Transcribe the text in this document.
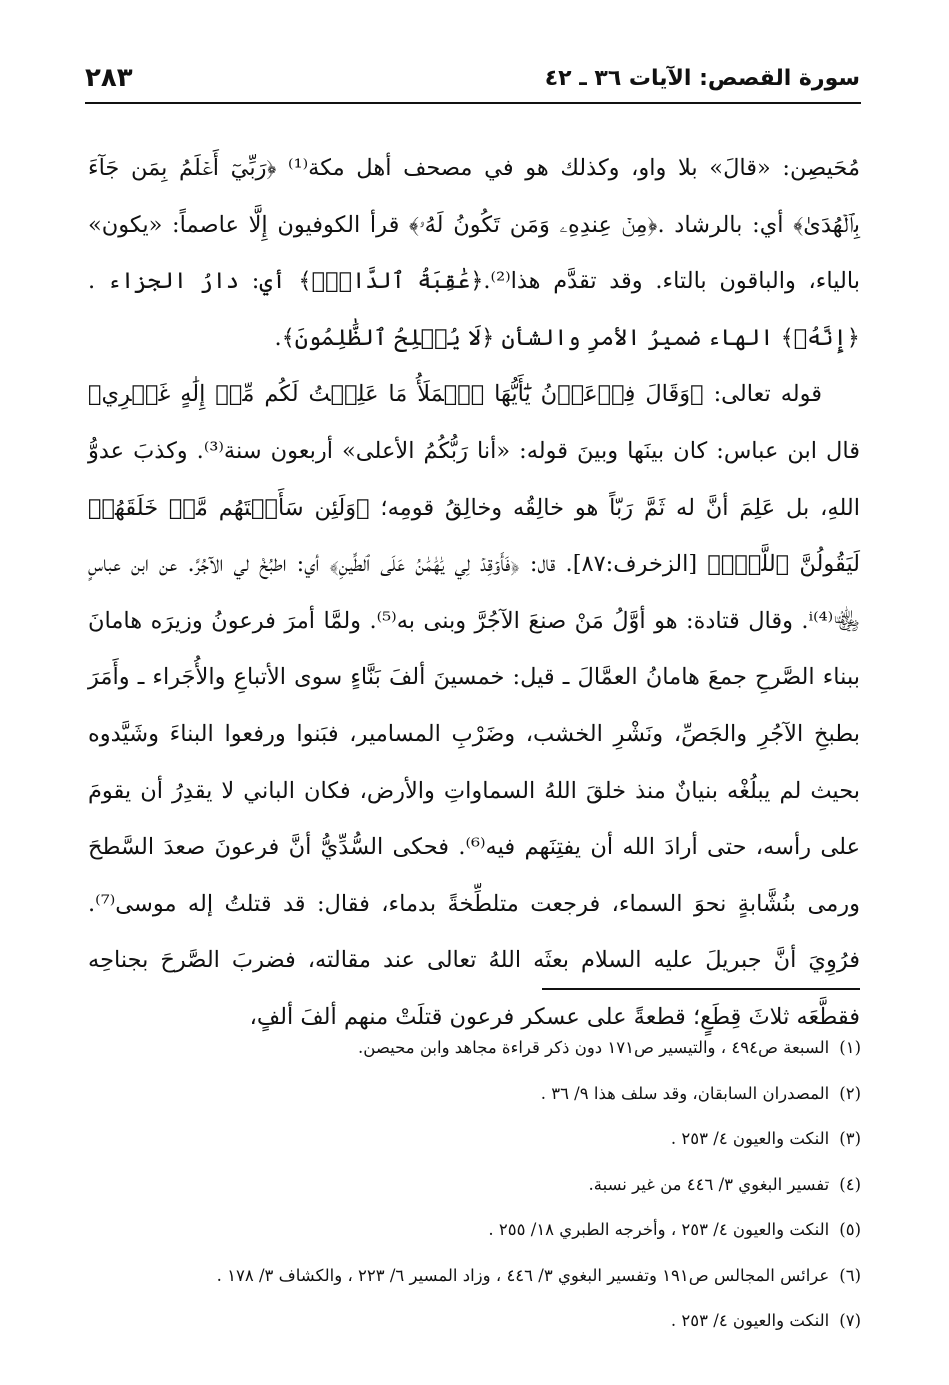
سورة القصص: الآيات ٣٦ ـ ٤٢
٢٨٣

مُحَيصِن: «قالَ» بلا واو، وكذلك هو في مصحف أهل مكة⁽¹⁾ ﴿رَبِّيٓ أَعۡلَمُ بِمَن جَآءَ بِٱلۡهُدَىٰ﴾ أي: بالرشاد .﴿مِنۡ عِندِهِۦ وَمَن تَكُونُ لَهُۥ﴾ قرأ الكوفيون إِلَّا عاصماً: «يكون» بالياء، والباقون بالتاء. وقد تقدَّم هذا⁽²⁾.﴿عَٰقِبَةُ ٱلدَّارِۚ﴾ أي: دارُ الجزاء .﴿إِنَّهُۥ﴾ الهاء ضميرُ الأمرِ والشأن ﴿لَا يُفۡلِحُ ٱلظَّٰلِمُونَ﴾.

قوله تعالى: ﴿وَقَالَ فِرۡعَوۡنُ يَٰٓأَيُّهَا ٱلۡمَلَأُ مَا عَلِمۡتُ لَكُم مِّنۡ إِلَٰهٍ غَيۡرِي﴾ قال ابن عباس: كان بينَها وبينَ قوله: «أنا رَبُّكُمُ الأعلى» أربعون سنة⁽³⁾. وكذبَ عدوُّ اللهِ، بل عَلِمَ أنَّ له ثَمَّ رَبّاً هو خالِقُه وخالِقُ قومِه؛ ﴿وَلَئِن سَأَلۡتَهُم مَّنۡ خَلَقَهُمۡ لَيَقُولُنَّ ٱللَّهُۖ﴾ [الزخرف:٨٧]. قال: ﴿فَأَوۡقِدۡ لِي يَٰهَٰمَٰنُ عَلَى ٱلطِّينِ﴾ أي: اطبُخْ لي الآجُرَّ. عن ابن عباسٍ ﵄ⁱ⁽⁴⁾. وقال قتادة: هو أوَّلُ مَنْ صنعَ الآجُرَّ وبنى به⁽⁵⁾. ولمَّا أمرَ فرعونُ وزيرَه هامانَ ببناء الصَّرحِ جمعَ هامانُ العمَّالَ ـ قيل: خمسينَ ألفَ بَنَّاءٍ سوى الأتباعِ والأُجَراء ـ وأَمَرَ بطبخِ الآجُرِ والجَصِّ، ونَشْرِ الخشب، وضَرْبِ المسامير، فبَنوا ورفعوا البناءَ وشَيَّدوه بحيث لم يبلُغْه بنيانٌ منذ خلقَ اللهُ السماواتِ والأرض، فكان الباني لا يقدِرُ أن يقومَ على رأسه، حتى أرادَ الله أن يفتِنَهم فيه⁽⁶⁾. فحكى السُّدِّيُّ أنَّ فرعونَ صعدَ السَّطحَ ورمى بنُشَّابةٍ نحوَ السماء، فرجعت متلطِّخةً بدماء، فقال: قد قتلتُ إله موسى⁽⁷⁾. فرُوِيَ أنَّ جبريلَ عليه السلام بعثَه اللهُ تعالى عند مقالته، فضربَ الصَّرحَ بجناحِه فقطَّعَه ثلاثَ قِطَعٍ؛ قطعةً على عسكر فرعون قتلَتْ منهم ألفَ ألفٍ،

(١)السبعة ص٤٩٤ ، والتيسير ص١٧١ دون ذكر قراءة مجاهد وابن محيصن.
(٢)المصدران السابقان، وقد سلف هذا ٩/ ٣٦ .
(٣)النكت والعيون ٤/ ٢٥٣ .
(٤)تفسير البغوي ٣/ ٤٤٦ من غير نسبة.
(٥)النكت والعيون ٤/ ٢٥٣ ، وأخرجه الطبري ١٨/ ٢٥٥ .
(٦)عرائس المجالس ص١٩١ وتفسير البغوي ٣/ ٤٤٦ ، وزاد المسير ٦/ ٢٢٣ ، والكشاف ٣/ ١٧٨ .
(٧)النكت والعيون ٤/ ٢٥٣ .
